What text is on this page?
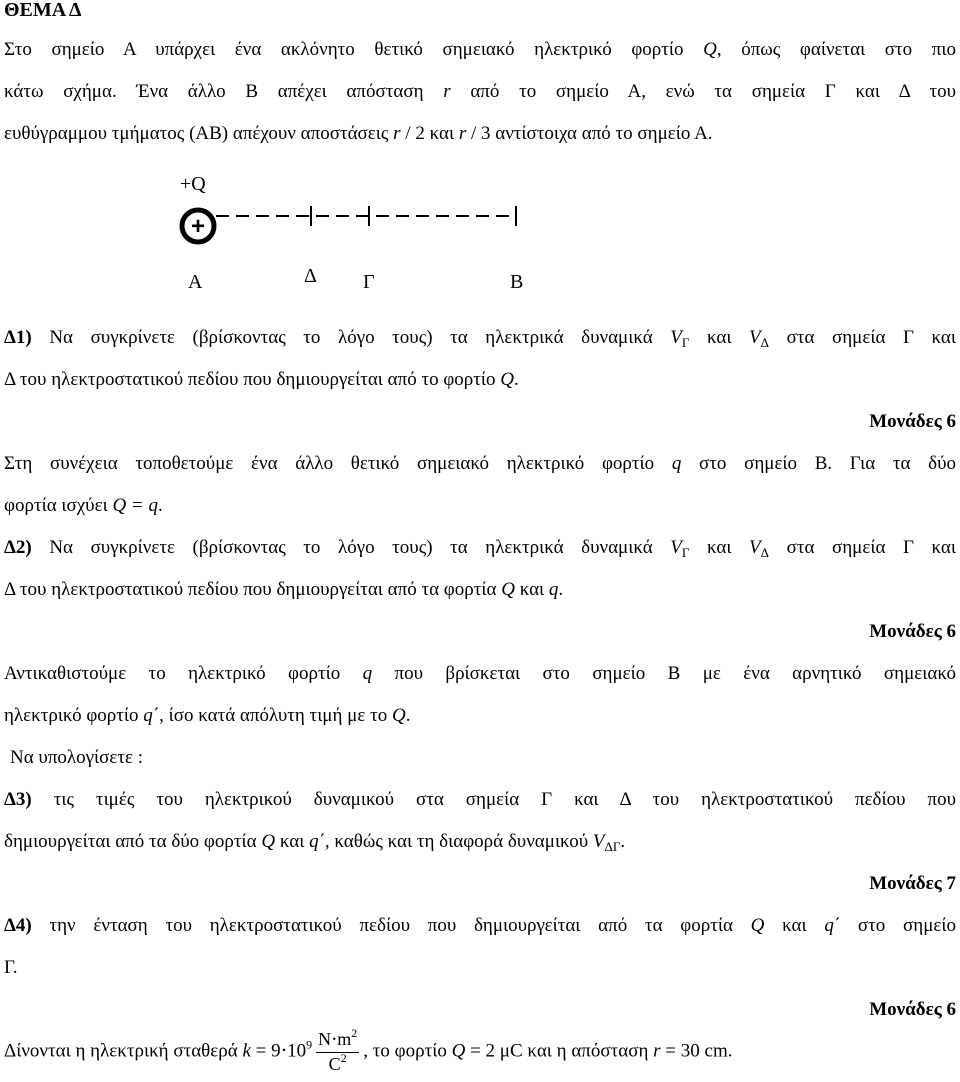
ΘΕΜΑ Δ
Στο σημείο Α υπάρχει ένα ακλόνητο θετικό σημειακό ηλεκτρικό φορτίο Q, όπως φαίνεται στο πιο
κάτω σχήμα. Ένα άλλο Β απέχει απόσταση r από το σημείο Α, ενώ τα σημεία Γ και Δ του
ευθύγραμμου τμήματος (ΑΒ) απέχουν αποστάσεις r / 2 και r / 3 αντίστοιχα από το σημείο Α.
+Q
+
Α	Δ Γ	Β
Δ1) Να συγκρίνετε (βρίσκοντας το λόγο τους) τα ηλεκτρικά δυναμικά $V_\Gamma$ και $V_\Delta$ στα σημεία Γ και
Δ του ηλεκτροστατικού πεδίου που δημιουργείται από το φορτίο Q.
Μονάδες 6
Στη συνέχεια τοποθετούμε ένα άλλο θετικό σημειακό ηλεκτρικό φορτίο q στο σημείο Β. Για τα δύο
φορτία ισχύει Q = q.
Δ2) Να συγκρίνετε (βρίσκοντας το λόγο τους) τα ηλεκτρικά δυναμικά $V_\Gamma$ και $V_\Delta$ στα σημεία Γ και
Δ του ηλεκτροστατικού πεδίου που δημιουργείται από τα φορτία Q και q.
Μονάδες 6
Αντικαθιστούμε το ηλεκτρικό φορτίο q που βρίσκεται στο σημείο Β με ένα αρνητικό σημειακό
ηλεκτρικό φορτίο q΄, ίσο κατά απόλυτη τιμή με το Q.
Να υπολογίσετε :
Δ3) τις τιμές του ηλεκτρικού δυναμικού στα σημεία Γ και Δ του ηλεκτροστατικού πεδίου που
δημιουργείται από τα δύο φορτία Q και q΄, καθώς και τη διαφορά δυναμικού $V_{\Delta\Gamma}$.
Μονάδες 7
Δ4) την ένταση του ηλεκτροστατικού πεδίου που δημιουργείται από τα φορτία Q και q΄ στο σημείο
Γ.
Μονάδες 6
Δίνονται η ηλεκτρική σταθερά $k = 9\cdot 10^9 \frac{N\cdot m^2}{C^2}$ , το φορτίο Q = 2 μC και η απόσταση r = 30 cm.
